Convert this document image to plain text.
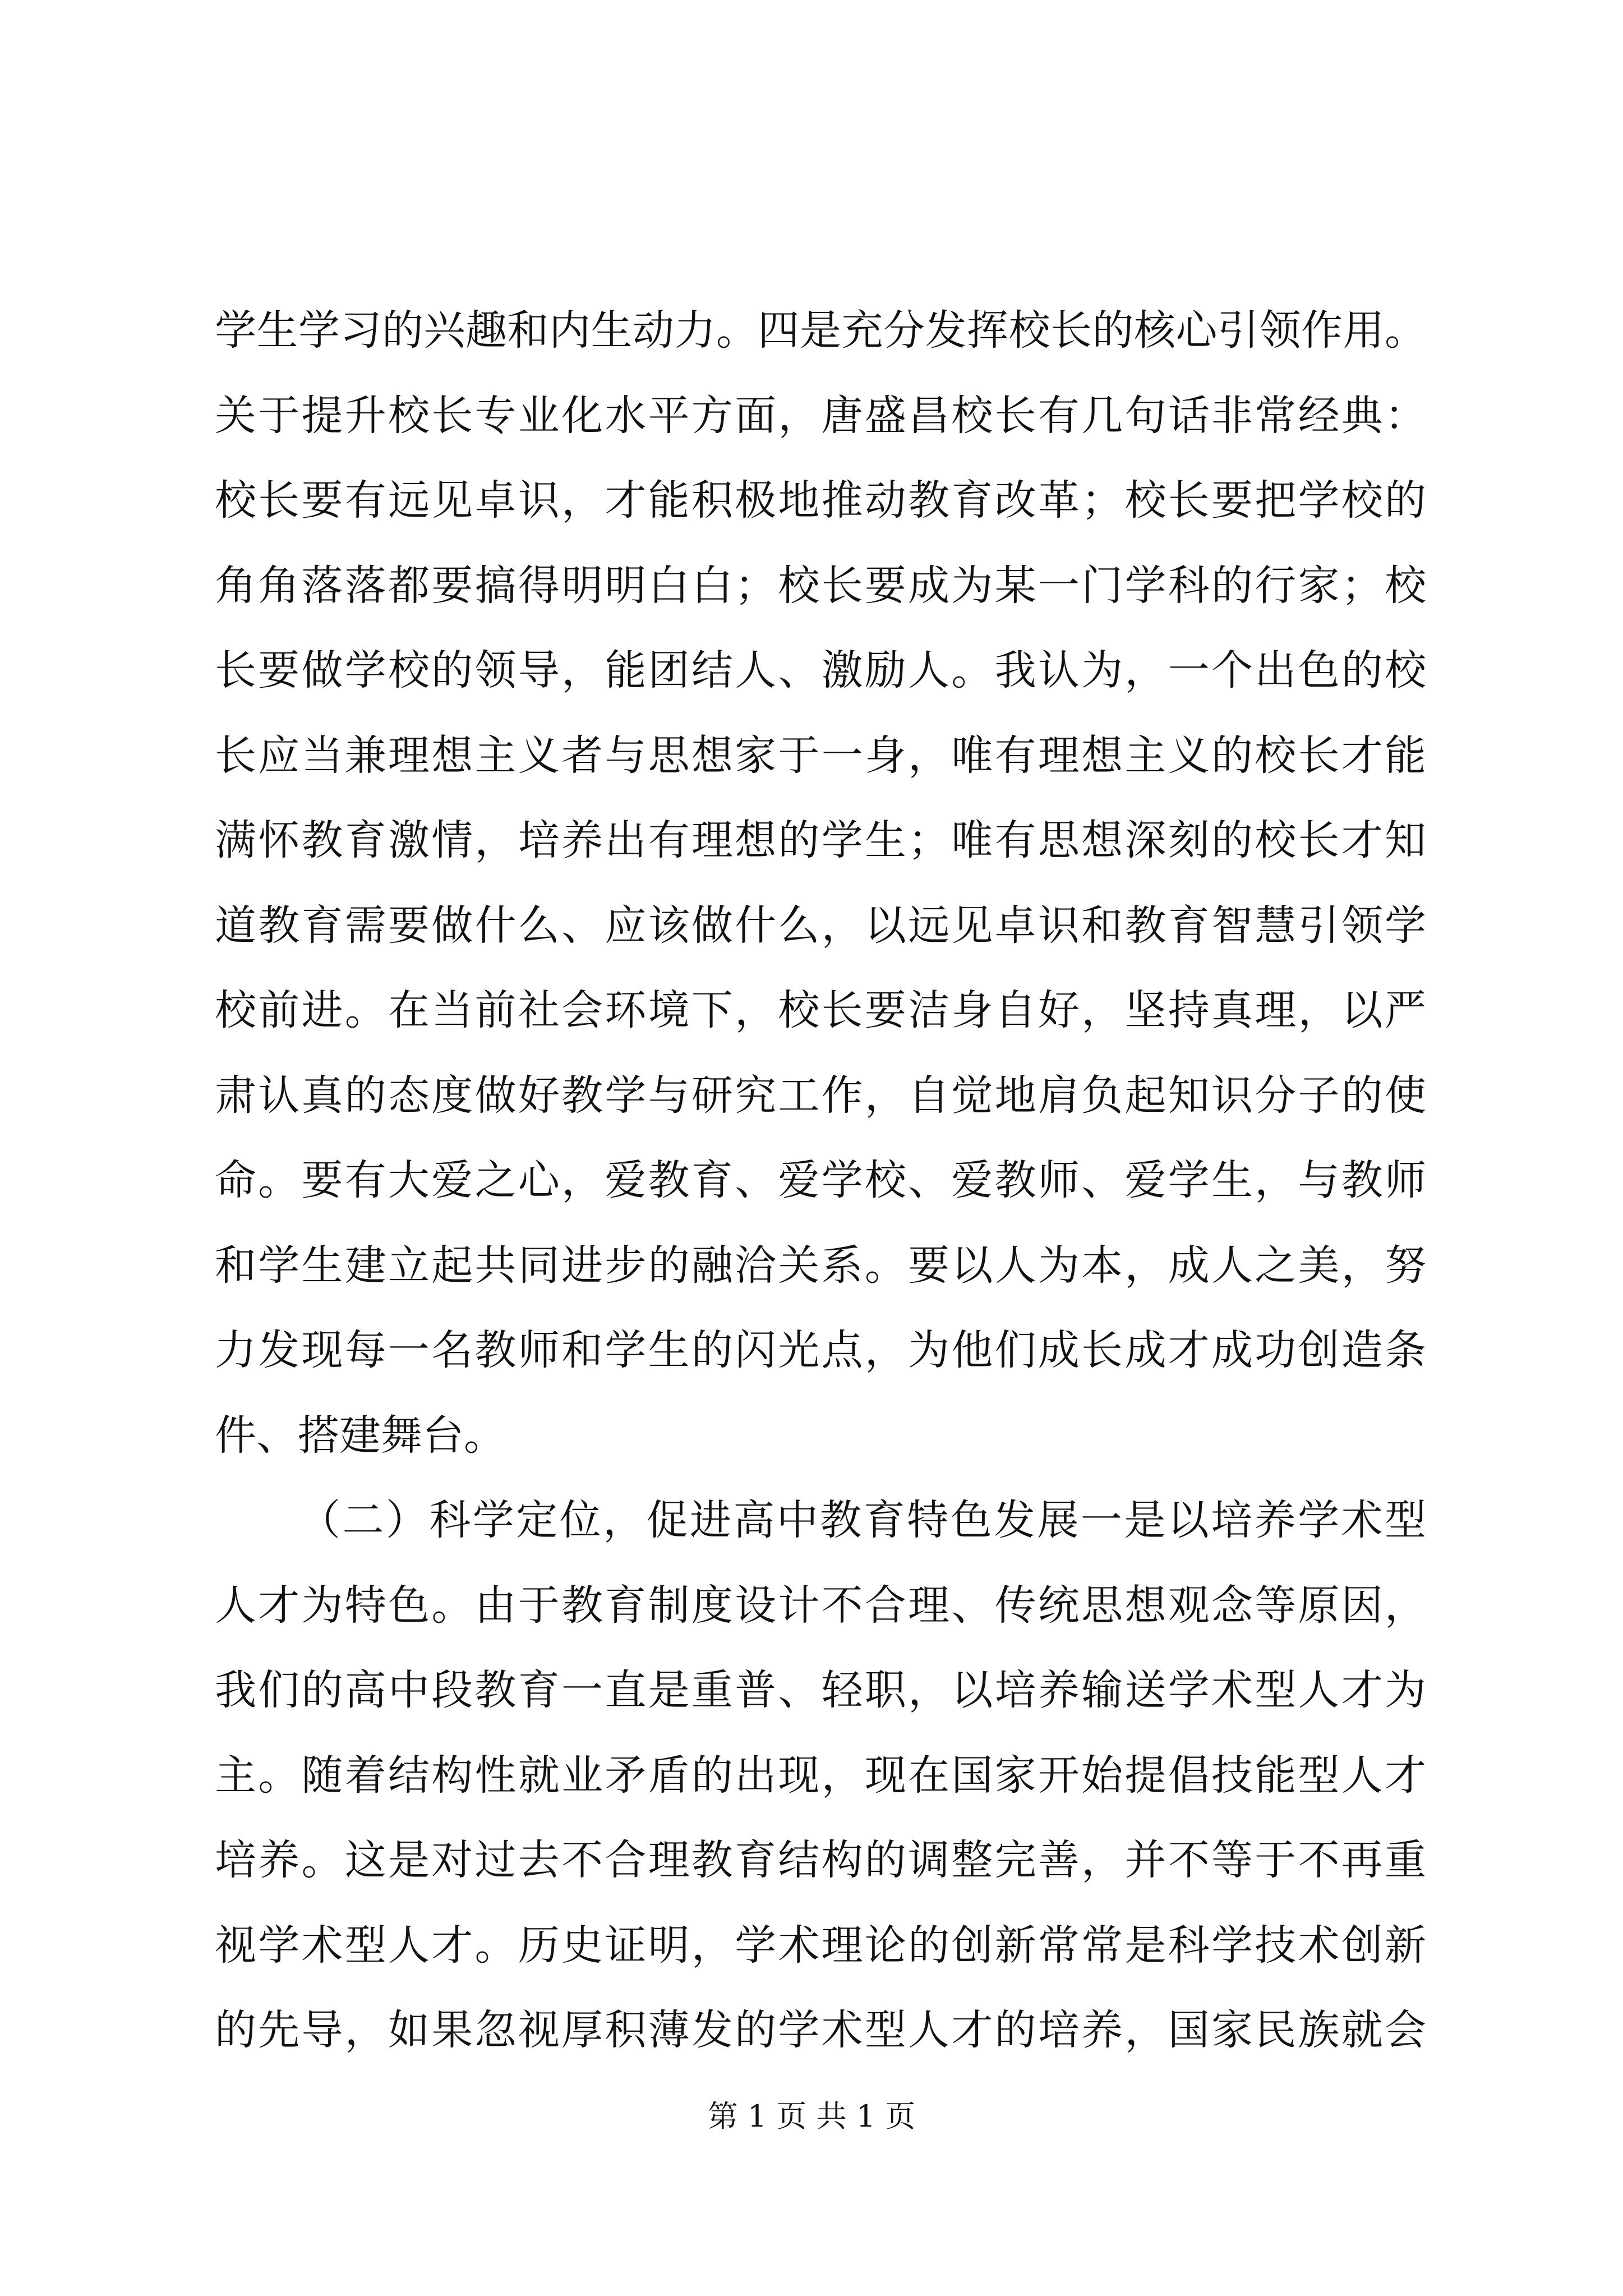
学生学习的兴趣和内生动力。四是充分发挥校长的核心引领作用。
关于提升校长专业化水平方面，唐盛昌校长有几句话非常经典：
校长要有远见卓识，才能积极地推动教育改革；校长要把学校的
角角落落都要搞得明明白白；校长要成为某一门学科的行家；校
长要做学校的领导，能团结人、激励人。我认为，一个出色的校
长应当兼理想主义者与思想家于一身，唯有理想主义的校长才能
满怀教育激情，培养出有理想的学生；唯有思想深刻的校长才知
道教育需要做什么、应该做什么，以远见卓识和教育智慧引领学
校前进。在当前社会环境下，校长要洁身自好，坚持真理，以严
肃认真的态度做好教学与研究工作，自觉地肩负起知识分子的使
命。要有大爱之心，爱教育、爱学校、爱教师、爱学生，与教师
和学生建立起共同进步的融洽关系。要以人为本，成人之美，努
力发现每一名教师和学生的闪光点，为他们成长成才成功创造条
件、搭建舞台。
（二）科学定位，促进高中教育特色发展一是以培养学术型
人才为特色。由于教育制度设计不合理、传统思想观念等原因，
我们的高中段教育一直是重普、轻职，以培养输送学术型人才为
主。随着结构性就业矛盾的出现，现在国家开始提倡技能型人才
培养。这是对过去不合理教育结构的调整完善，并不等于不再重
视学术型人才。历史证明，学术理论的创新常常是科学技术创新
的先导，如果忽视厚积薄发的学术型人才的培养，国家民族就会
第 1 页 共 1 页
